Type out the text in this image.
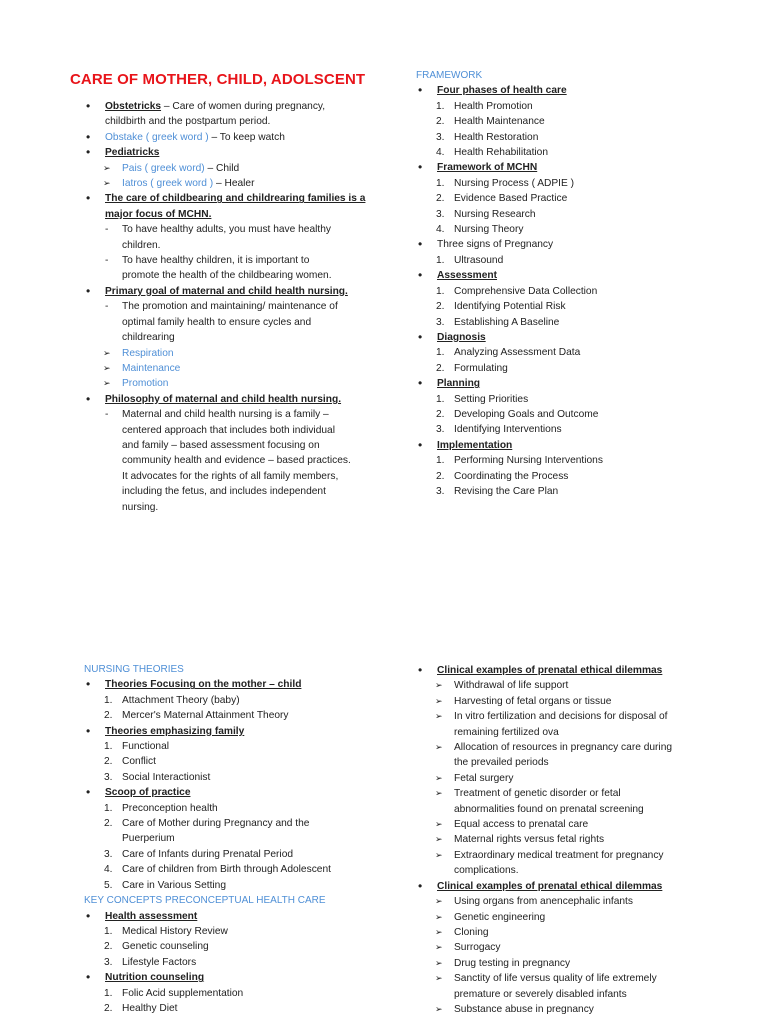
CARE OF MOTHER, CHILD, ADOLSCENT
• Obstetricks – Care of women during pregnancy,
childbirth and the postpartum period.
• Obstake ( greek word ) – To keep watch
• Pediatricks
➢ Pais ( greek word) – Child
➢ Iatros ( greek word ) – Healer
• The care of childbearing and childrearing families is a
major focus of MCHN.
- To have healthy adults, you must have healthy
children.
- To have healthy children, it is important to
promote the health of the childbearing women.
• Primary goal of maternal and child health nursing.
- The promotion and maintaining/ maintenance of
optimal family health to ensure cycles and
childrearing
➢ Respiration
➢ Maintenance
➢ Promotion
• Philosophy of maternal and child health nursing.
- Maternal and child health nursing is a family –
centered approach that includes both individual
and family – based assessment focusing on
community health and evidence – based practices.
It advocates for the rights of all family members,
including the fetus, and includes independent
nursing.
FRAMEWORK
• Four phases of health care
1. Health Promotion
2. Health Maintenance
3. Health Restoration
4. Health Rehabilitation
• Framework of MCHN
1. Nursing Process ( ADPIE )
2. Evidence Based Practice
3. Nursing Research
4. Nursing Theory
• Three signs of Pregnancy
1. Ultrasound
• Assessment
1. Comprehensive Data Collection
2. Identifying Potential Risk
3. Establishing A Baseline
• Diagnosis
1. Analyzing Assessment Data
2. Formulating
• Planning
1. Setting Priorities
2. Developing Goals and Outcome
3. Identifying Interventions
• Implementation
1. Performing Nursing Interventions
2. Coordinating the Process
3. Revising the Care Plan
NURSING THEORIES
• Theories Focusing on the mother – child
1. Attachment Theory (baby)
2. Mercer's Maternal Attainment Theory
• Theories emphasizing family
1. Functional
2. Conflict
3. Social Interactionist
• Scoop of practice
1. Preconception health
2. Care of Mother during Pregnancy and the
Puerperium
3. Care of Infants during Prenatal Period
4. Care of children from Birth through Adolescent
5. Care in Various Setting
KEY CONCEPTS PRECONCEPTUAL HEALTH CARE
• Health assessment
1. Medical History Review
2. Genetic counseling
3. Lifestyle Factors
• Nutrition counseling
1. Folic Acid supplementation
2. Healthy Diet
• Clinical examples of prenatal ethical dilemmas
➢ Withdrawal of life support
➢ Harvesting of fetal organs or tissue
➢ In vitro fertilization and decisions for disposal of
remaining fertilized ova
➢ Allocation of resources in pregnancy care during
the prevailed periods
➢ Fetal surgery
➢ Treatment of genetic disorder or fetal
abnormalities found on prenatal screening
➢ Equal access to prenatal care
➢ Maternal rights versus fetal rights
➢ Extraordinary medical treatment for pregnancy
complications.
• Clinical examples of prenatal ethical dilemmas
➢ Using organs from anencephalic infants
➢ Genetic engineering
➢ Cloning
➢ Surrogacy
➢ Drug testing in pregnancy
➢ Sanctity of life versus quality of life extremely
premature or severely disabled infants
➢ Substance abuse in pregnancy
